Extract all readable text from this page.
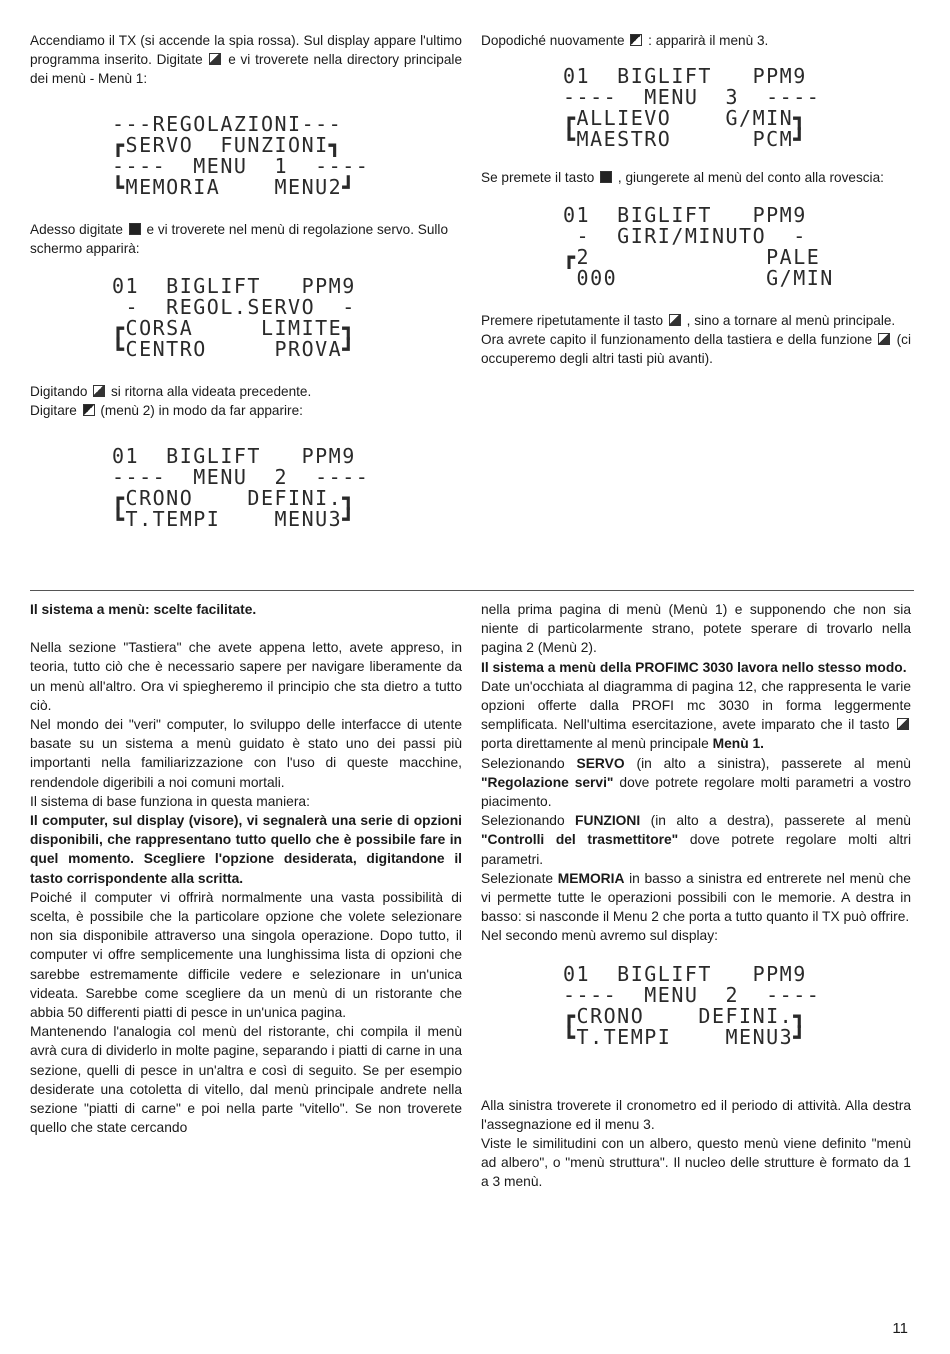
Accendiamo il TX (si accende la spia rossa). Sul display appare l'ultimo programma inserito. Digitate e vi troverete nella directory principale dei menù - Menù 1:

---REGOLAZIONI---

┏SERVO  FUNZIONI┓

----  MENU  1  ----

┗MEMORIA    MENU2┛

Adesso digitate e vi troverete nel menù di regolazione servo. Sullo schermo apparirà:

01  BIGLIFT   PPM9

-  REGOL.SERVO  -

┏CORSA     LIMITE┓

┗CENTRO     PROVA┛

Digitando si ritorna alla videata precedente.

Digitare (menù 2) in modo da far apparire:

01  BIGLIFT   PPM9

----  MENU  2  ----

┏CRONO    DEFINI.┓

┗T.TEMPI    MENU3┛

Dopodiché nuovamente : apparirà il menù 3.

01  BIGLIFT   PPM9

----  MENU  3  ----

┏ALLIEVO    G/MIN┓

┗MAESTRO      PCM┛

Se premete il tasto , giungerete al menù del conto alla rovescia:

01  BIGLIFT   PPM9

-  GIRI/MINUTO  -

┏2             PALE

000           G/MIN

Premere ripetutamente il tasto , sino a tornare al menù principale.

Ora avrete capito il funzionamento della tastiera e della funzione (ci occuperemo degli altri tasti più avanti).

Il sistema a menù: scelte facilitate.

Nella sezione "Tastiera" che avete appena letto, avete appreso, in teoria, tutto ciò che è necessario sapere per navigare liberamente da un menù all'altro. Ora vi spiegheremo il principio che sta dietro a tutto ciò.

Nel mondo dei "veri" computer, lo sviluppo delle interfacce di utente basate su un sistema a menù guidato è stato uno dei passi più importanti nella familiarizzazione con l'uso di queste macchine, rendendole digeribili a noi comuni mortali.

Il sistema di base funziona in questa maniera:

Il computer, sul display (visore), vi segnalerà una serie di opzioni disponibili, che rappresentano tutto quello che è possibile fare in quel momento. Scegliere l'opzione desiderata, digitandone il tasto corrispondente alla scritta.

Poiché il computer vi offrirà normalmente una vasta possibilità di scelta, è possibile che la particolare opzione che volete selezionare non sia disponibile attraverso una singola operazione. Dopo tutto, il computer vi offre semplicemente una lunghissima lista di opzioni che sarebbe estremamente difficile vedere e selezionare in un'unica videata. Sarebbe come scegliere da un menù di un ristorante che abbia 50 differenti piatti di pesce in un'unica pagina.

Mantenendo l'analogia col menù del ristorante, chi compila il menù avrà cura di dividerlo in molte pagine, separando i piatti di carne in una sezione, quelli di pesce in un'altra e così di seguito. Se per esempio desiderate una cotoletta di vitello, dal menù principale andrete nella sezione "piatti di carne" e poi nella parte "vitello". Se non troverete quello che state cercando

nella prima pagina di menù (Menù 1) e supponendo che non sia niente di particolarmente strano, potete sperare di trovarlo nella pagina 2 (Menù 2).

Il sistema a menù della PROFIMC 3030 lavora nello stesso modo.

Date un'occhiata al diagramma di pagina 12, che rappresenta le varie opzioni offerte dalla PROFI mc 3030 in forma leggermente semplificata. Nell'ultima esercitazione, avete imparato che il tasto  porta direttamente al menù principale Menù 1.

Selezionando SERVO (in alto a sinistra), passerete al menù "Regolazione servi" dove potrete regolare molti parametri a vostro piacimento.

Selezionando FUNZIONI (in alto a destra), passerete al menù "Controlli del trasmettitore" dove potrete regolare molti altri parametri.

Selezionate MEMORIA in basso a sinistra ed entrerete nel menù che vi permette tutte le operazioni possibili con le memorie. A destra in basso: si nasconde il Menu 2 che porta a tutto quanto il TX può offrire.

Nel secondo menù avremo sul display:

01  BIGLIFT   PPM9

----  MENU  2  ----

┏CRONO    DEFINI.┓

┗T.TEMPI    MENU3┛

Alla sinistra troverete il cronometro ed il periodo di attività. Alla destra l'assegnazione ed il menu 3.

Viste le similitudini con un albero, questo menù viene definito "menù ad albero", o "menù struttura". Il nucleo delle strutture è formato da 1 a 3 menù.

11
